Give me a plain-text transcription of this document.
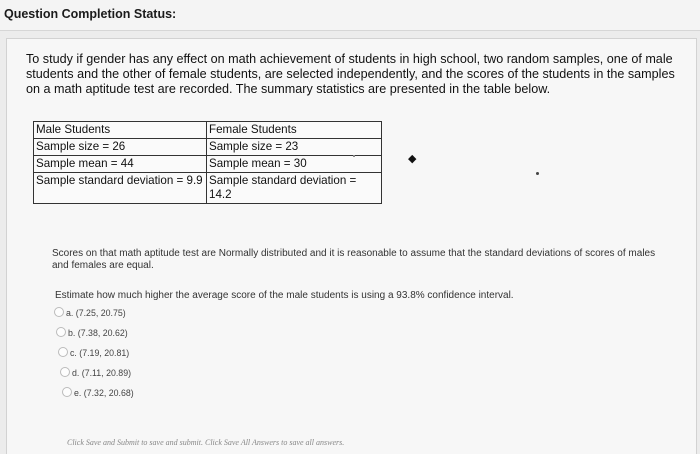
Question Completion Status:
To study if gender has any effect on math achievement of students in high school, two random samples, one of male students and the other of female students, are selected independently, and the scores of the students in the samples on a math aptitude test are recorded. The summary statistics are presented in the table below.
Male Students	Female Students
Sample size = 26	Sample size = 23
Sample mean = 44	Sample mean = 30
Sample standard deviation = 9.9	Sample standard deviation = 14.2
◆
Scores on that math aptitude test are Normally distributed and it is reasonable to assume that the standard deviations of scores of males and females are equal.
Estimate how much higher the average score of the male students is using a 93.8% confidence interval.
a. (7.25, 20.75)
b. (7.38, 20.62)
c. (7.19, 20.81)
d. (7.11, 20.89)
e. (7.32, 20.68)
Click Save and Submit to save and submit. Click Save All Answers to save all answers.
